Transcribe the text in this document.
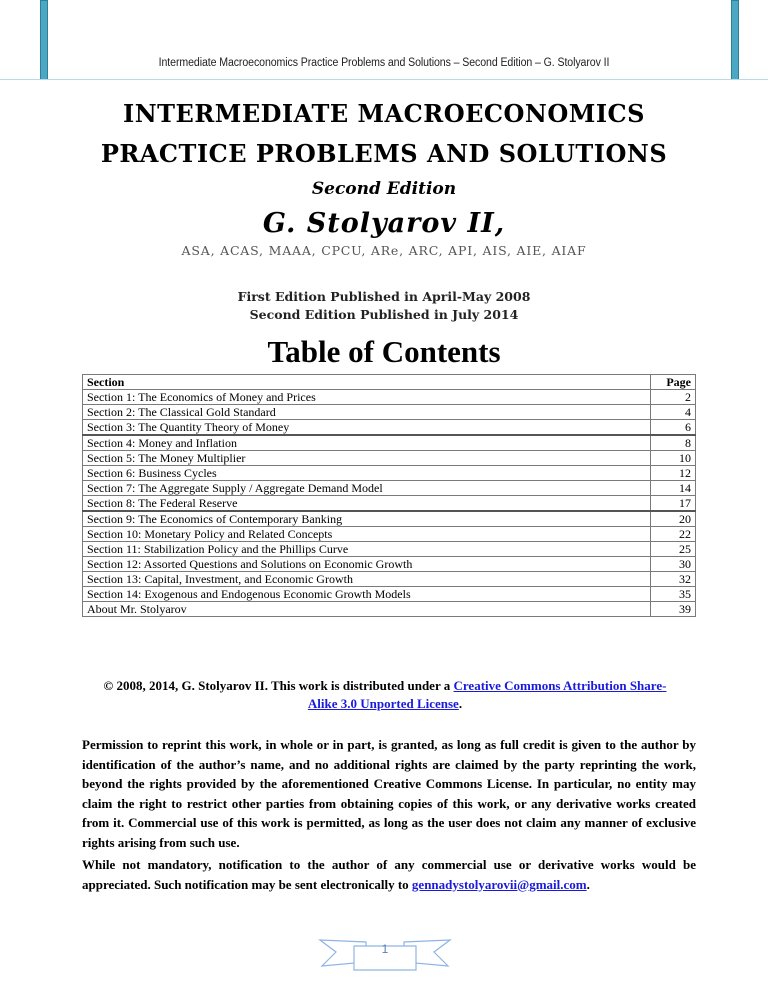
Intermediate Macroeconomics Practice Problems and Solutions – Second Edition – G. Stolyarov II
INTERMEDIATE MACROECONOMICS
PRACTICE PROBLEMS AND SOLUTIONS
Second Edition
G. Stolyarov II,
ASA, ACAS, MAAA, CPCU, ARe, ARC, API, AIS, AIE, AIAF
First Edition Published in April-May 2008
Second Edition Published in July 2014
Table of Contents
Section	Page
Section 1: The Economics of Money and Prices	2
Section 2: The Classical Gold Standard	4
Section 3: The Quantity Theory of Money	6
Section 4: Money and Inflation	8
Section 5: The Money Multiplier	10
Section 6: Business Cycles	12
Section 7: The Aggregate Supply / Aggregate Demand Model	14
Section 8: The Federal Reserve	17
Section 9: The Economics of Contemporary Banking	20
Section 10: Monetary Policy and Related Concepts	22
Section 11: Stabilization Policy and the Phillips Curve	25
Section 12: Assorted Questions and Solutions on Economic Growth	30
Section 13: Capital, Investment, and Economic Growth	32
Section 14: Exogenous and Endogenous Economic Growth Models	35
About Mr. Stolyarov	39
© 2008, 2014, G. Stolyarov II. This work is distributed under a Creative Commons Attribution Share-Alike 3.0 Unported License.
Permission to reprint this work, in whole or in part, is granted, as long as full credit is given to the author by identification of the author’s name, and no additional rights are claimed by the party reprinting the work, beyond the rights provided by the aforementioned Creative Commons License. In particular, no entity may claim the right to restrict other parties from obtaining copies of this work, or any derivative works created from it. Commercial use of this work is permitted, as long as the user does not claim any manner of exclusive rights arising from such use.
While not mandatory, notification to the author of any commercial use or derivative works would be appreciated. Such notification may be sent electronically to gennadystolyarovii@gmail.com.
1
